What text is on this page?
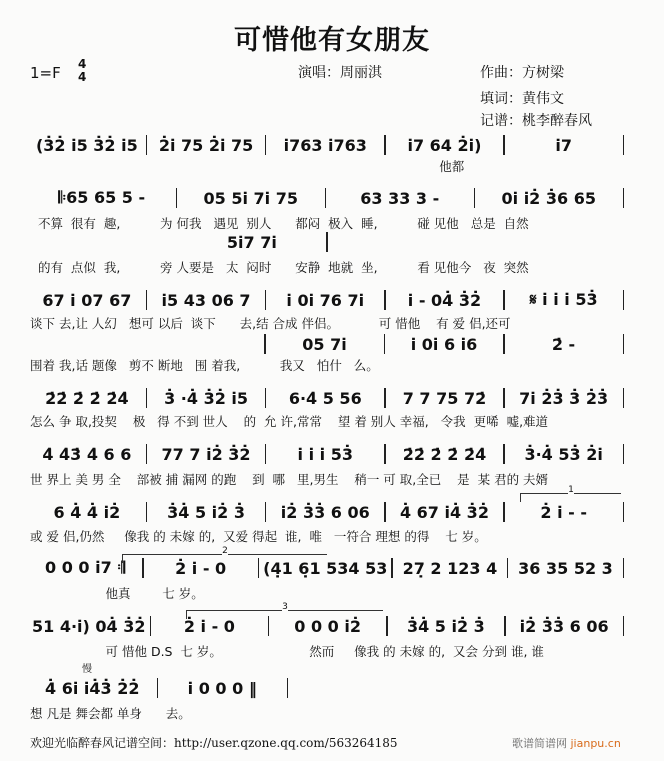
可惜他有女朋友
1=F 4
4	演唱：周丽淇	作曲：方树梁
填词：黄伟文
记谱：桃李醉春风
(3̇2̇ i̇5 3̇2̇ i̇5	2̇i̇ 75 2̇i̇ 75	i̇763 i̇763	i̇7 64 2̇i̇)	i̇7
他都
𝄆65 65 5 -	05 5i̇ 7i̇ 75	63 33 3 -	0i̇ i̇2̇ 3̇6 65
不算  很有  趣,          为 何我   遇见  别人      都闷  极入  睡,          碰 见他   总是  自然
5i̇7 7i̇
的有  点似  我,          旁 人要是   太  闷时      安静  地就  坐,          看 见他今   夜  突然
67 i̇ 07 67	i̇5 43 06 7	i̇ 0i̇ 76 7i̇	i̇ - 04̇ 3̇2̇	𝄋 i̇ i̇ i̇ 53̇
谈下 去,让 人幻   想可 以后  谈下      去,结 合成 伴侣。          可 惜他    有 爱 侣,还可
05 7i̇	i̇ 0i̇ 6 i̇6	2̇ -
围着 我,话 题像   剪不 断地   围 着我,          我又   怕什   么。
2̇2̇ 2̇ 2̇ 2̇4̇	3̇ ·4̇ 3̇2̇ i̇5	6·4̇ 5 56	7 7 75 72̇	7i̇ 2̇3̇ 3̇ 2̇3̇
怎么 争 取,投契    极   得 不到 世人    的  允 许,常常    望 着 别人 幸福,   令我  更唏  嘘,难道
4̇ 4̇3̇ 4̇ 6 6	77 7 i̇2̇ 3̇2̇	i̇ i̇ i̇ 53̇	2̇2̇ 2̇ 2̇ 2̇4̇	3̇·4̇ 53̇ 2̇i̇
世 界上 美 男 全    部被 捕 漏网 的跑    到  哪   里,男生    稍一 可 取,全已    是  某 君的 夫婿
6 4̇ 4̇ i̇2̇	3̇4̇ 5 i̇2̇ 3̇	i̇2̇ 3̇3̇ 6 06	4̇ 67 i̇4̇ 3̇2̇	2̇ i̇ - -
或 爱 侣,仍然     像我 的 未嫁 的,  又爱 得起  谁,  唯   一符合 理想 的得    七 岁。
0 0 0 i̇7 𝄇	2̇ i̇ - 0	(4̣1 6̣1 534 53 27̣ 2 123 4	36 35 52 3
他真        七 岁。
51 4·i̇) 04̇ 3̇2̇	2̇ i̇ - 0	0 0 0 i̇2̇	3̇4̇ 5 i̇2̇ 3̇	i̇2̇ 3̇3̇ 6 06
可 惜他 D.S  七 岁。                      然而     像我 的 未嫁 的,  又会 分到 谁, 谁
4̇ 6i̇ i̇4̇3̇ 2̇2̇	i̇ 0 0 0 ‖
想 凡是 舞会都 单身      去。
1
2
3
慢
欢迎光临醉春风记谱空间：http://user.qzone.qq.com/563264185	歌谱简谱网 jianpu.cn
